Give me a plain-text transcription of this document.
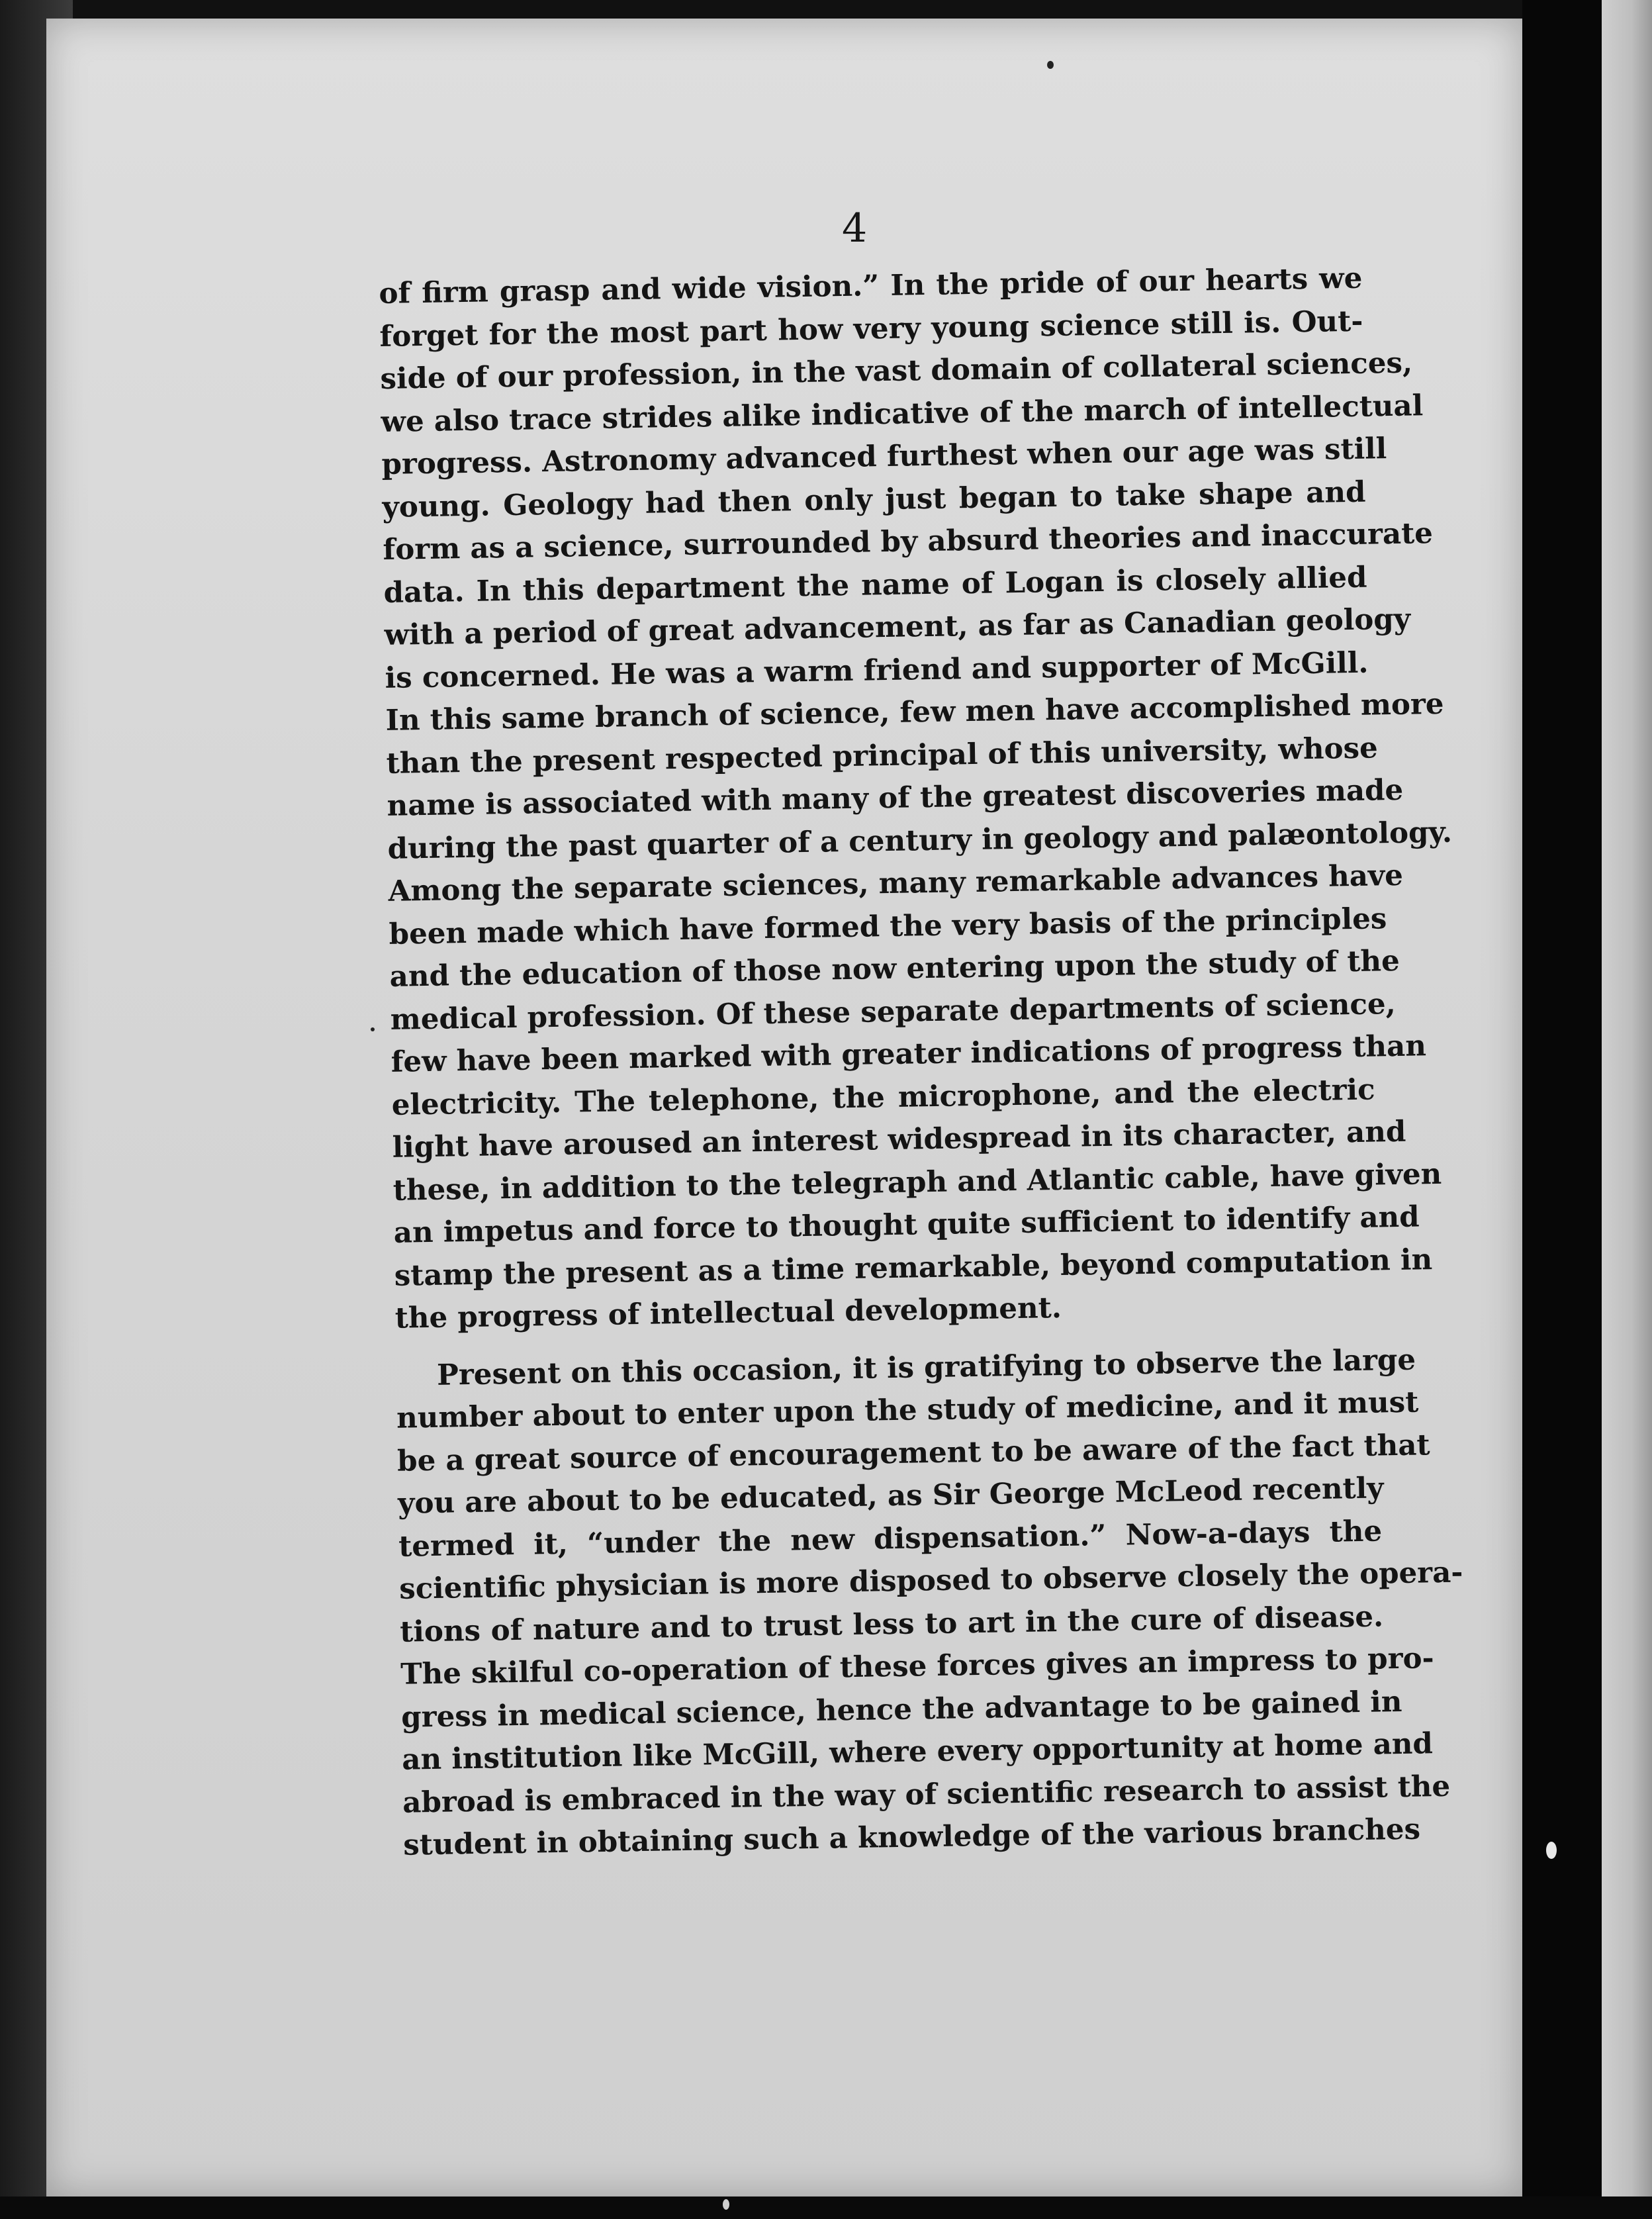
4
of firm grasp and wide vision.” In the pride of our hearts we
forget for the most part how very young science still is. Out-
side of our profession, in the vast domain of collateral sciences,
we also trace strides alike indicative of the march of intellectual
progress. Astronomy advanced furthest when our age was still
young. Geology had then only just began to take shape and
form as a science, surrounded by absurd theories and inaccurate
data. In this department the name of Logan is closely allied
with a period of great advancement, as far as Canadian geology
is concerned. He was a warm friend and supporter of McGill.
In this same branch of science, few men have accomplished more
than the present respected principal of this university, whose
name is associated with many of the greatest discoveries made
during the past quarter of a century in geology and palæontology.
Among the separate sciences, many remarkable advances have
been made which have formed the very basis of the principles
and the education of those now entering upon the study of the
medical profession. Of these separate departments of science,
few have been marked with greater indications of progress than
electricity. The telephone, the microphone, and the electric
light have aroused an interest widespread in its character, and
these, in addition to the telegraph and Atlantic cable, have given
an impetus and force to thought quite sufficient to identify and
stamp the present as a time remarkable, beyond computation in
the progress of intellectual development.
Present on this occasion, it is gratifying to observe the large
number about to enter upon the study of medicine, and it must
be a great source of encouragement to be aware of the fact that
you are about to be educated, as Sir George McLeod recently
termed it, “under the new dispensation.” Now-a-days the
scientific physician is more disposed to observe closely the opera-
tions of nature and to trust less to art in the cure of disease.
The skilful co-operation of these forces gives an impress to pro-
gress in medical science, hence the advantage to be gained in
an institution like McGill, where every opportunity at home and
abroad is embraced in the way of scientific research to assist the
student in obtaining such a knowledge of the various branches
